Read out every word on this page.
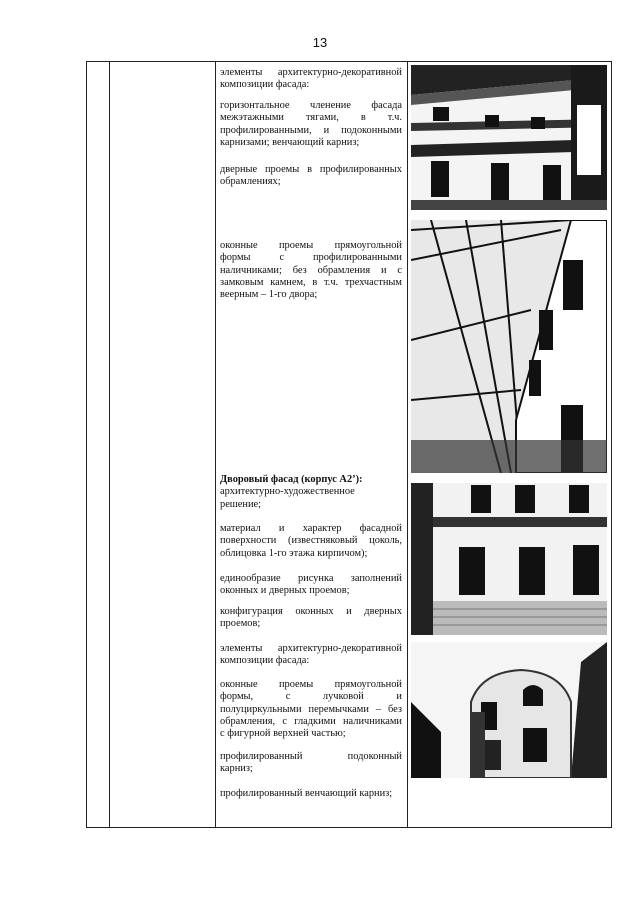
13
элементы архитектурно-декоративной композиции фасада:
горизонтальное членение фасада
межэтажными тягами, в т.ч.
профилированными, и подоконными
карнизами; венчающий карниз;
дверные проемы в профилированных
обрамлениях;
оконные проемы прямоугольной
формы с профилированными
наличниками; без обрамления и с
замковым камнем, в т.ч. трехчастным
веерным – 1-го двора;
Дворовый фасад (корпус А2’):
архитектурно-художественное
решение;
материал и характер фасадной
поверхности (известняковый цоколь,
облицовка 1-го этажа кирпичом);
единообразие рисунка заполнений
оконных и дверных проемов;
конфигурация оконных и дверных
проемов;
элементы архитектурно-декоративной
композиции фасада:
оконные проемы прямоугольной
формы, с лучковой и
полуциркульными перемычками – без
обрамления, с гладкими наличниками
с фигурной верхней частью;
профилированный подоконный
карниз;
профилированный венчающий карниз;
